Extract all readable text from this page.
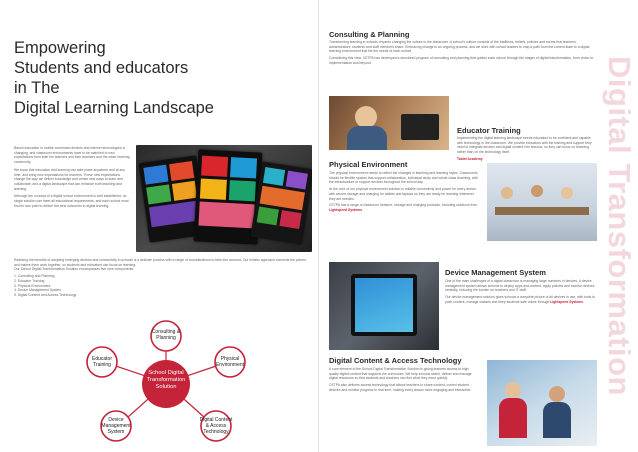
Empowering
Students and educators
in The
Digital Learning Landscape

Based education in mobile connected devices and internet technologies is changing, and classroom environments have to be matched to new expectations from both the learners and their teachers and the wider learning community.

We know that education and learning can take place anywhere and at any time, and bring new expectations for learners. These new expectations change the way we deliver knowledge and create new ways to learn and collaborate, and a digital landscape that can enhance both teaching and learning.

Although the concept of a digital school environment is well established, no single solution can meet all educational requirements, and each school must find its own path to deliver the best outcomes in digital learning.

Realizing the benefits of adopting emerging devices and connectivity in schools is a delicate process with a range of considerations to take into account. Our holistic approach connects the pieces and makes them work together, so students and educators can focus on learning.

Our School Digital Transformation Solution encompasses five core components:

1. Consulting and Planning
2. Educator Training
3. Physical Environment
4. Device Management System
5. Digital Content and Access Technology
Consulting & Planning
Educator Training
Physical Environment
Device Management System
Digital Content & Access Technology
School Digital Transformation Solution	Digital Transformation
Consulting & Planning

Transforming learning in schools requires changing the culture in the classroom. A school's culture consists of the traditions, beliefs, policies and norms that teachers, administrators, students and staff members share. Embracing change is an ongoing process, and we work with school leaders to map a path from the current state to a digital learning environment that fits the needs of each school.

Considering this view, CETPA has developed a structured program of consulting and planning that guides each school through the stages of digital transformation, from vision to implementation and beyond.

Educator Training

Implementing the digital learning landscape needs educators to be confident and capable with technology in the classroom. We provide educators with the training and support they need to integrate devices and digital content into lessons, so they can focus on teaching rather than on the technology itself.

Tablet Academy

Physical Environment

The physical environment needs to reflect the changes in teaching and learning styles. Classrooms should be flexible spaces that support collaboration, individual study and whole-class teaching, with the infrastructure to support devices throughout the school day.

At the core of our physical environment solution is reliable connectivity and power for every device, with secure storage and charging for tablets and laptops so they are ready for learning whenever they are needed.

CETPA has a range of classroom furniture, storage and charging products, including solutions from Lightspeed Systems

Device Management System

One of the main challenges of a digital classroom is managing large numbers of devices. A device management system allows schools to deploy apps and content, apply policies and monitor devices centrally, reducing the burden on teachers and IT staff.

Our device management solution gives schools a complete picture of all devices in use, with tools to push content, manage classes and keep students safe online through Lightspeed Systems

Digital Content & Access Technology

A core element of the School Digital Transformation Solution is giving learners access to high quality digital content that supports the curriculum. We help schools select, deliver and manage digital resources so that students and teachers can find what they need quickly.

CETPA also delivers access technology that allows teachers to share content, control student devices and monitor progress in real time, making every lesson more engaging and interactive.
